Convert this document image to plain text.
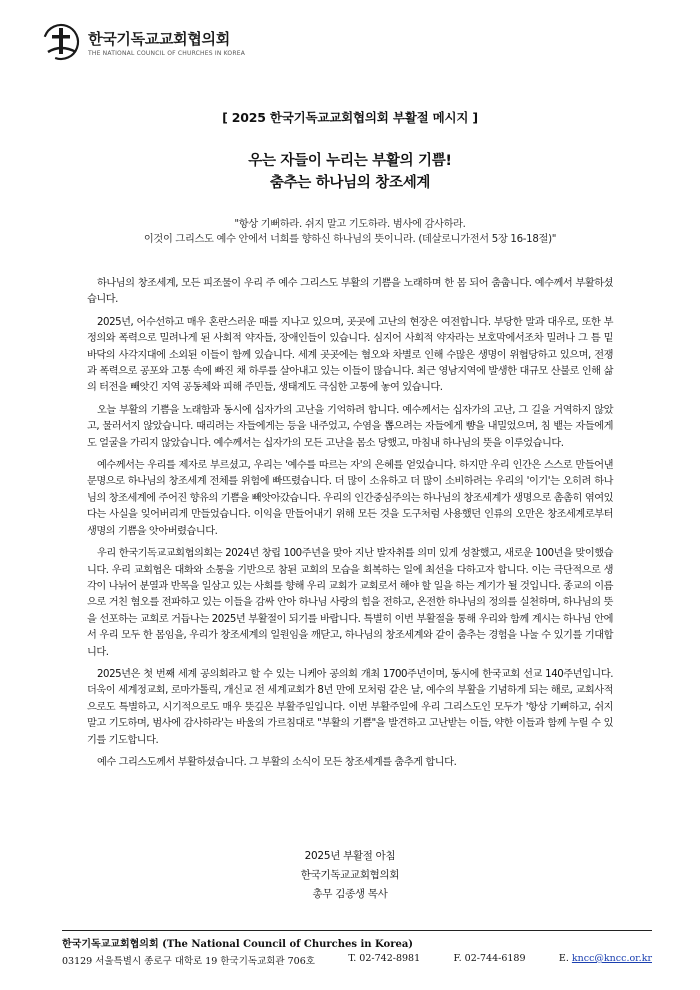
한국기독교교회협의회
THE NATIONAL COUNCIL OF CHURCHES IN KOREA
[ 2025 한국기독교교회협의회 부활절 메시지 ]
우는 자들이 누리는 부활의 기쁨!
춤추는 하나님의 창조세계
"항상 기뻐하라. 쉬지 말고 기도하라. 범사에 감사하라.
이것이 그리스도 예수 안에서 너희를 향하신 하나님의 뜻이니라. (데살로니가전서 5장 16-18절)"

하나님의 창조세계, 모든 피조물이 우리 주 예수 그리스도 부활의 기쁨을 노래하며 한 몸 되어 춤춥니다. 예수께서 부활하셨습니다.

2025년, 어수선하고 매우 혼란스러운 때를 지나고 있으며, 곳곳에 고난의 현장은 여전합니다. 부당한 말과 대우로, 또한 부정의와 폭력으로 밀려나게 된 사회적 약자들, 장애인들이 있습니다. 심지어 사회적 약자라는 보호막에서조차 밀려나 그 틈 밑바닥의 사각지대에 소외된 이들이 함께 있습니다. 세계 곳곳에는 혐오와 차별로 인해 수많은 생명이 위협당하고 있으며, 전쟁과 폭력으로 공포와 고통 속에 빠진 채 하루를 살아내고 있는 이들이 많습니다. 최근 영남지역에 발생한 대규모 산불로 인해 삶의 터전을 빼앗긴 지역 공동체와 피해 주민들, 생태계도 극심한 고통에 놓여 있습니다.

오늘 부활의 기쁨을 노래함과 동시에 십자가의 고난을 기억하려 합니다. 예수께서는 십자가의 고난, 그 길을 거역하지 않았고, 물러서지 않았습니다. 때리려는 자들에게는 등을 내주었고, 수염을 뽑으려는 자들에게 뺨을 내밀었으며, 침 뱉는 자들에게도 얼굴을 가리지 않았습니다. 예수께서는 십자가의 모든 고난을 몸소 당했고, 마침내 하나님의 뜻을 이루었습니다.

예수께서는 우리를 제자로 부르셨고, 우리는 '예수를 따르는 자'의 은혜를 얻었습니다. 하지만 우리 인간은 스스로 만들어낸 문명으로 하나님의 창조세계 전체를 위험에 빠뜨렸습니다. 더 많이 소유하고 더 많이 소비하려는 우리의 '이기'는 오히려 하나님의 창조세계에 주어진 향유의 기쁨을 빼앗아갔습니다. 우리의 인간중심주의는 하나님의 창조세계가 생명으로 촘촘히 엮여있다는 사실을 잊어버리게 만들었습니다. 이익을 만들어내기 위해 모든 것을 도구처럼 사용했던 인류의 오만은 창조세계로부터 생명의 기쁨을 앗아버렸습니다.

우리 한국기독교교회협의회는 2024년 창립 100주년을 맞아 지난 발자취를 의미 있게 성찰했고, 새로운 100년을 맞이했습니다. 우리 교회협은 대화와 소통을 기반으로 참된 교회의 모습을 회복하는 일에 최선을 다하고자 합니다. 이는 극단적으로 생각이 나뉘어 분열과 반목을 일삼고 있는 사회를 향해 우리 교회가 교회로서 해야 할 일을 하는 계기가 될 것입니다. 종교의 이름으로 거친 혐오를 전파하고 있는 이들을 감싸 안아 하나님 사랑의 힘을 전하고, 온전한 하나님의 정의를 실천하며, 하나님의 뜻을 선포하는 교회로 거듭나는 2025년 부활절이 되기를 바랍니다. 특별히 이번 부활절을 통해 우리와 함께 계시는 하나님 안에서 우리 모두 한 몸임을, 우리가 창조세계의 일원임을 깨닫고, 하나님의 창조세계와 같이 춤추는 경험을 나눌 수 있기를 기대합니다.

2025년은 첫 번째 세계 공의회라고 할 수 있는 니케아 공의회 개최 1700주년이며, 동시에 한국교회 선교 140주년입니다. 더욱이 세계정교회, 로마가톨릭, 개신교 전 세계교회가 8년 만에 모처럼 같은 날, 예수의 부활을 기념하게 되는 해로, 교회사적으로도 특별하고, 시기적으로도 매우 뜻깊은 부활주일입니다. 이번 부활주일에 우리 그리스도인 모두가 '항상 기뻐하고, 쉬지 말고 기도하며, 범사에 감사하라'는 바울의 가르침대로 "부활의 기쁨"을 발견하고 고난받는 이들, 약한 이들과 함께 누릴 수 있기를 기도합니다.

예수 그리스도께서 부활하셨습니다. 그 부활의 소식이 모든 창조세계를 춤추게 합니다.

2025년 부활절 아침
한국기독교교회협의회
총무 김종생 목사
한국기독교교회협의회 (The National Council of Churches in Korea)
03129 서울특별시 종로구 대학로 19 한국기독교회관 706호	T. 02-742-8981	F. 02-744-6189	E. kncc@kncc.or.kr
